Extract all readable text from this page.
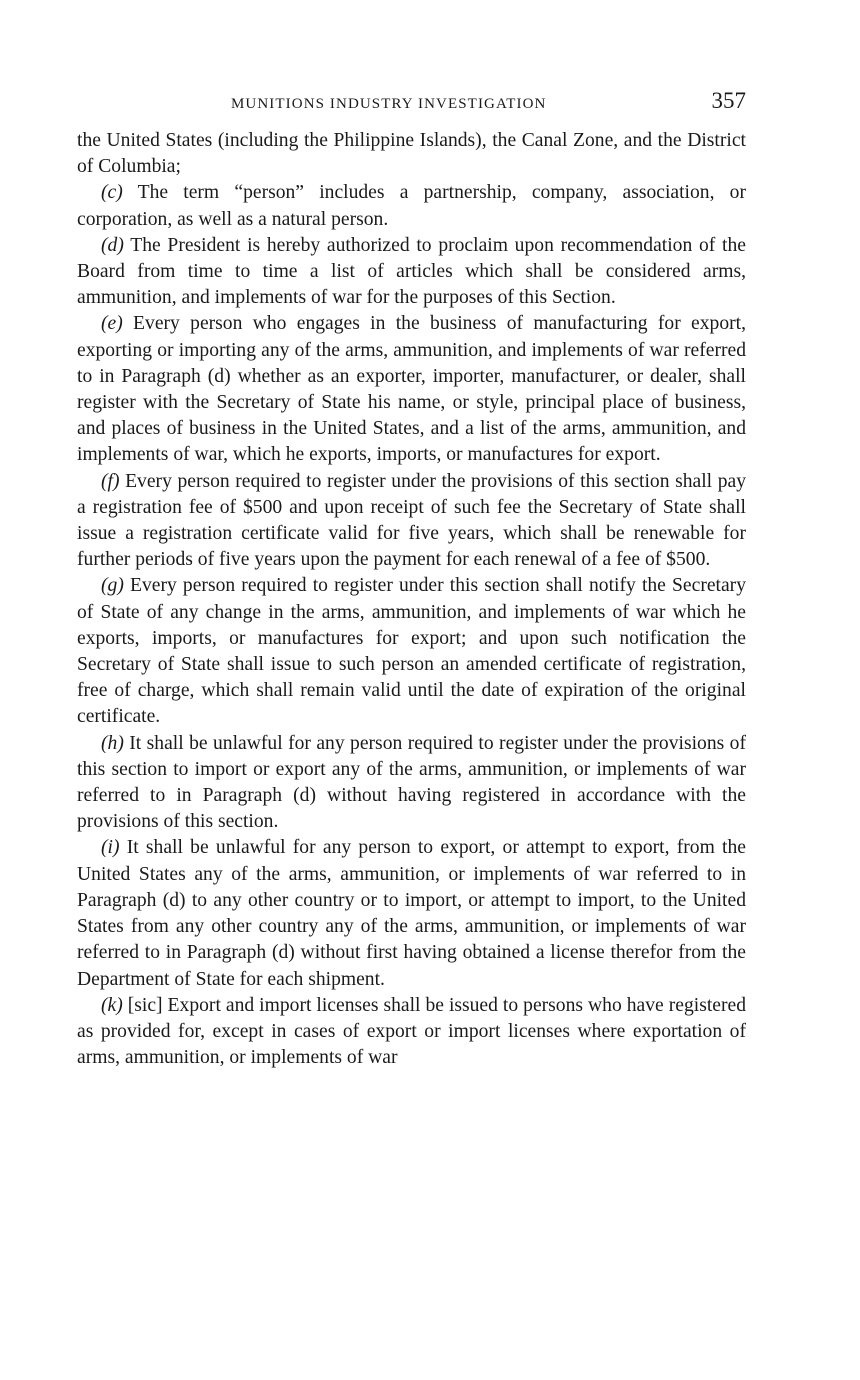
MUNITIONS INDUSTRY INVESTIGATION	357

the United States (including the Philippine Islands), the Canal Zone, and the District of Columbia;

(c) The term “person” includes a partnership, company, association, or corporation, as well as a natural person.

(d) The President is hereby authorized to proclaim upon recommendation of the Board from time to time a list of articles which shall be considered arms, ammunition, and implements of war for the purposes of this Section.

(e) Every person who engages in the business of manufacturing for export, exporting or importing any of the arms, ammunition, and implements of war referred to in Paragraph (d) whether as an exporter, importer, manufacturer, or dealer, shall register with the Secretary of State his name, or style, principal place of business, and places of business in the United States, and a list of the arms, ammunition, and implements of war, which he exports, imports, or manufactures for export.

(f) Every person required to register under the provisions of this section shall pay a registration fee of $500 and upon receipt of such fee the Secretary of State shall issue a registration certificate valid for five years, which shall be renewable for further periods of five years upon the payment for each renewal of a fee of $500.

(g) Every person required to register under this section shall notify the Secretary of State of any change in the arms, ammunition, and implements of war which he exports, imports, or manufactures for export; and upon such notification the Secretary of State shall issue to such person an amended certificate of registration, free of charge, which shall remain valid until the date of expiration of the original certificate.

(h) It shall be unlawful for any person required to register under the provisions of this section to import or export any of the arms, ammunition, or implements of war referred to in Paragraph (d) without having registered in accordance with the provisions of this section.

(i) It shall be unlawful for any person to export, or attempt to export, from the United States any of the arms, ammunition, or implements of war referred to in Paragraph (d) to any other country or to import, or attempt to import, to the United States from any other country any of the arms, ammunition, or implements of war referred to in Paragraph (d) without first having obtained a license therefor from the Department of State for each shipment.

(k) [sic] Export and import licenses shall be issued to persons who have registered as provided for, except in cases of export or import licenses where exportation of arms, ammunition, or implements of war
